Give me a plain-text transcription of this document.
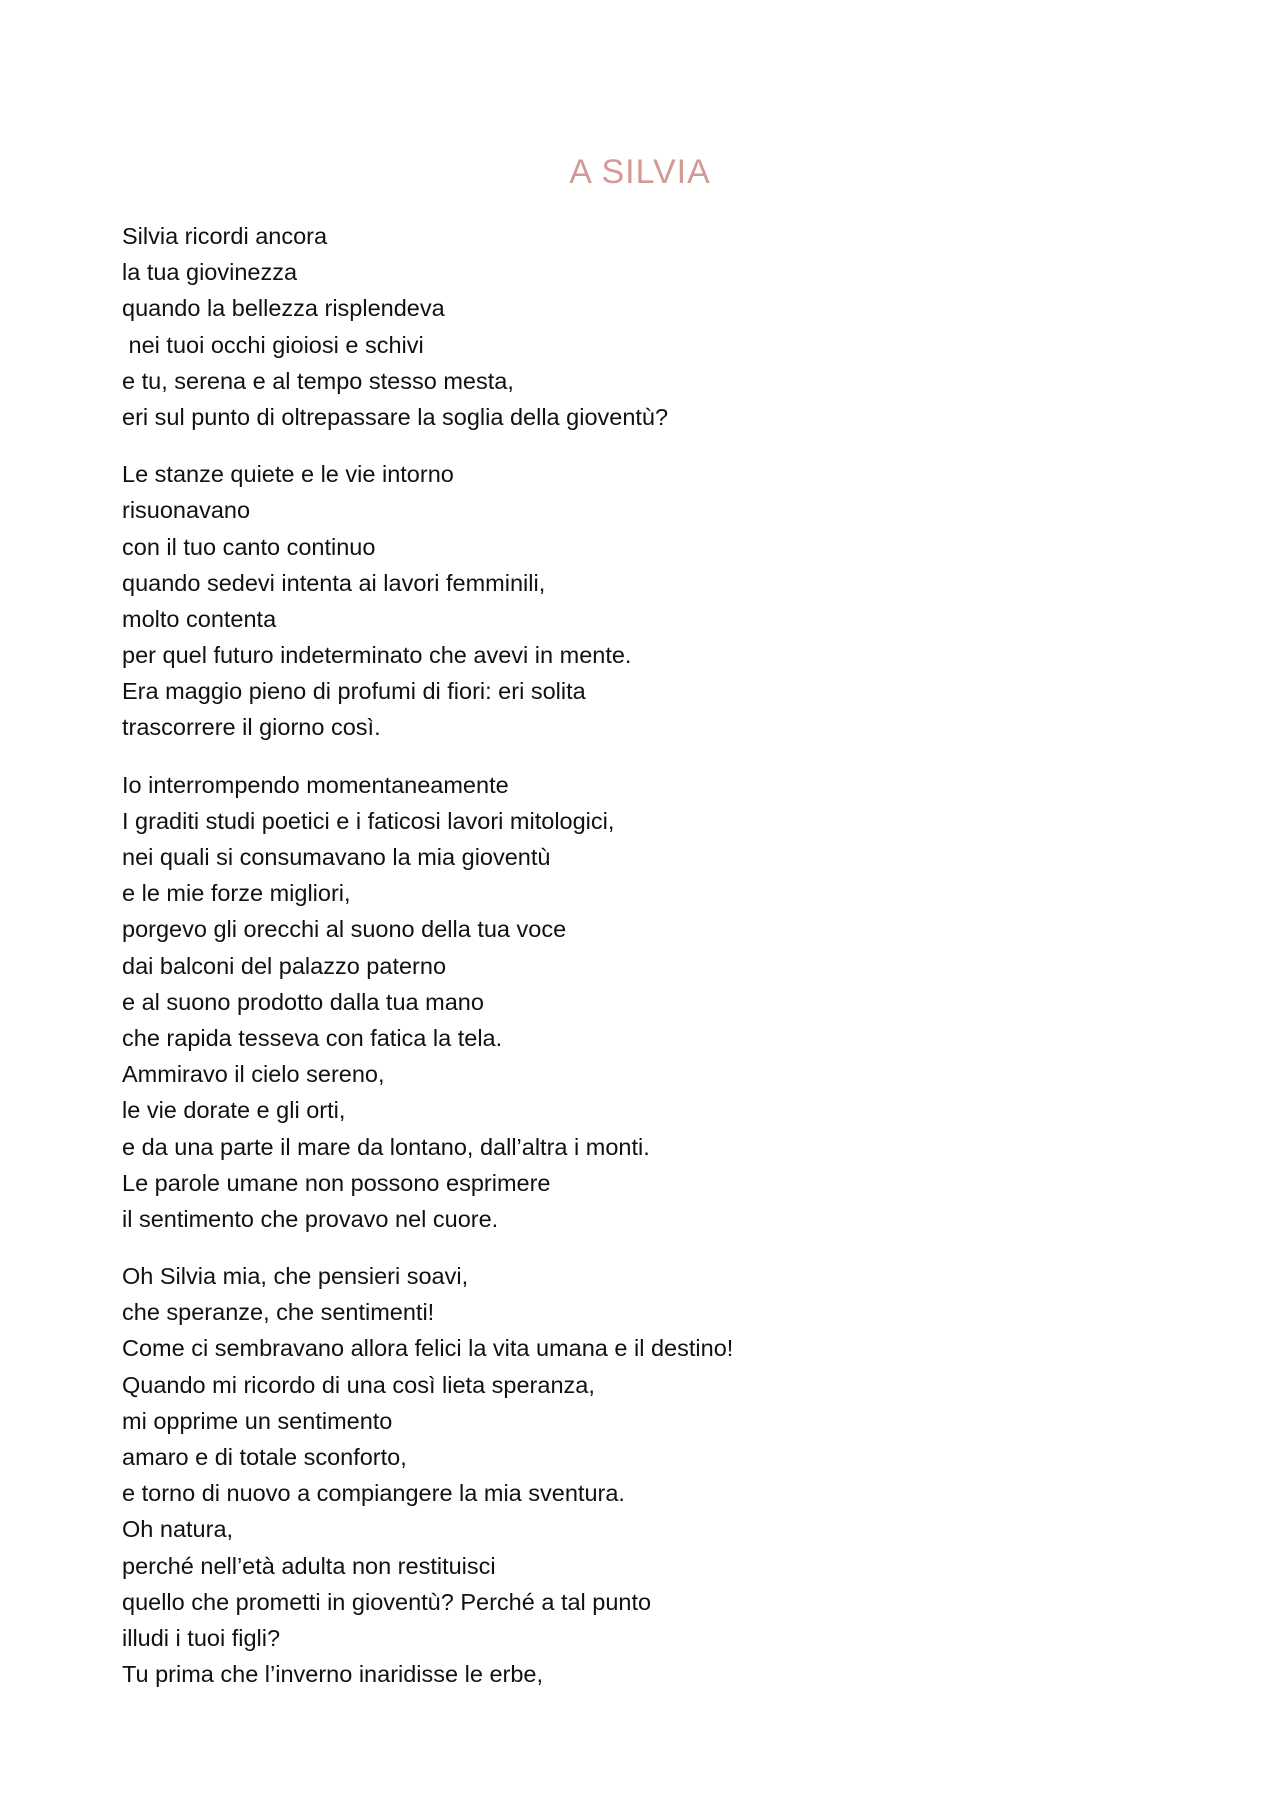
A SILVIA
Silvia ricordi ancora
la tua giovinezza
quando la bellezza risplendeva
nei tuoi occhi gioiosi e schivi
e tu, serena e al tempo stesso mesta,
eri sul punto di oltrepassare la soglia della gioventù?
Le stanze quiete e le vie intorno
risuonavano
con il tuo canto continuo
quando sedevi intenta ai lavori femminili,
molto contenta
per quel futuro indeterminato che avevi in mente.
Era maggio pieno di profumi di fiori: eri solita
trascorrere il giorno così.
Io interrompendo momentaneamente
I graditi studi poetici e i faticosi lavori mitologici,
nei quali si consumavano la mia gioventù
e le mie forze migliori,
porgevo gli orecchi al suono della tua voce
dai balconi del palazzo paterno
e al suono prodotto dalla tua mano
che rapida tesseva con fatica la tela.
Ammiravo il cielo sereno,
le vie dorate e gli orti,
e da una parte il mare da lontano, dall’altra i monti.
Le parole umane non possono esprimere
il sentimento che provavo nel cuore.
Oh Silvia mia, che pensieri soavi,
che speranze, che sentimenti!
Come ci sembravano allora felici la vita umana e il destino!
Quando mi ricordo di una così lieta speranza,
mi opprime un sentimento
amaro e di totale sconforto,
e torno di nuovo a compiangere la mia sventura.
Oh natura,
perché nell’età adulta non restituisci
quello che prometti in gioventù? Perché a tal punto
illudi i tuoi figli?
Tu prima che l’inverno inaridisse le erbe,
